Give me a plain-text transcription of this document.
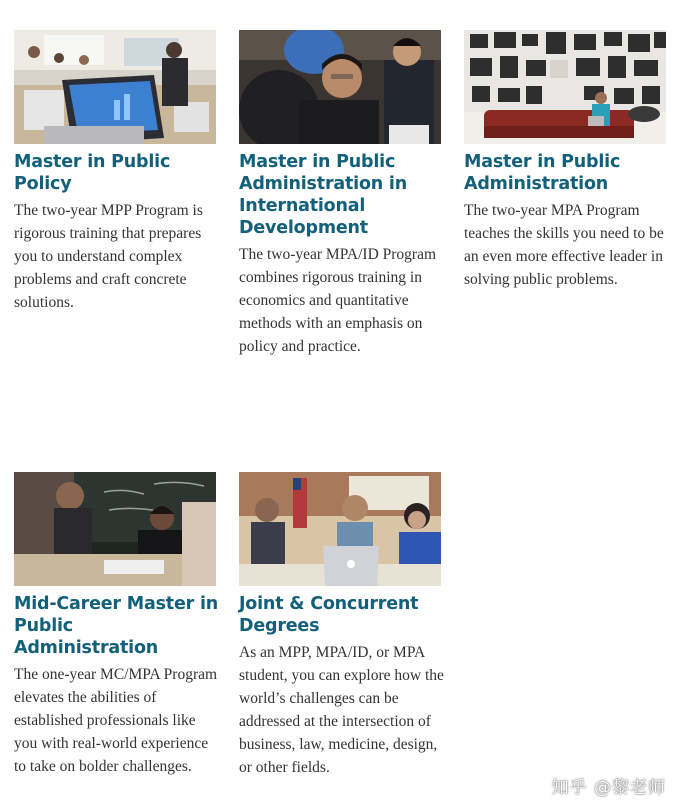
Master in Public Policy
The two-year MPP Program is rigorous training that prepares you to understand complex problems and craft concrete solutions.
Master in Public Administration in International Development
The two-year MPA/ID Program combines rigorous training in economics and quantitative methods with an emphasis on policy and practice.
Master in Public Administration
The two-year MPA Program teaches the skills you need to be an even more effective leader in solving public problems.
Mid-Career Master in Public Administration
The one-year MC/MPA Program elevates the abilities of established professionals like you with real-world experience to take on bolder challenges.
Joint & Concurrent Degrees
As an MPP, MPA/ID, or MPA student, you can explore how the world’s challenges can be addressed at the intersection of business, law, medicine, design, or other fields.
知乎 @黎老师
